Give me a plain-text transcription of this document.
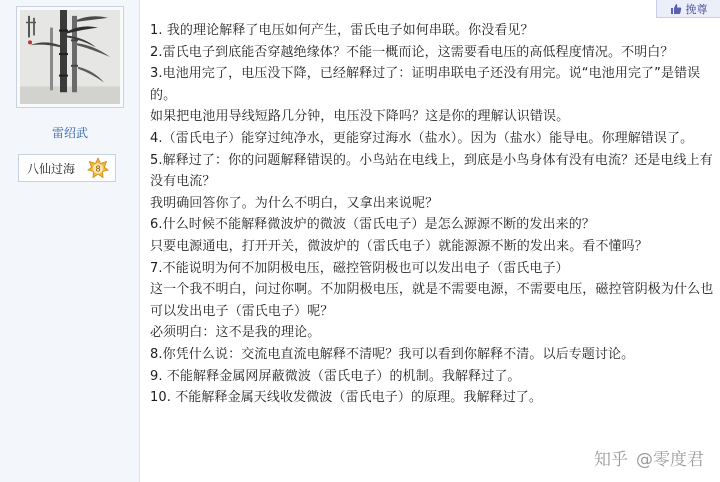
雷绍武
八仙过海	8
挽尊

1. 我的理论解释了电压如何产生，雷氏电子如何串联。你没看见？

2.雷氏电子到底能否穿越绝缘体？不能一概而论，这需要看电压的高低程度情况。不明白？

3.电池用完了，电压没下降，已经解释过了：证明串联电子还没有用完。说“电池用完了”是错误的。

如果把电池用导线短路几分钟，电压没下降吗？这是你的理解认识错误。

4.（雷氏电子）能穿过纯净水，更能穿过海水（盐水）。因为（盐水）能导电。你理解错误了。

5.解释过了：你的问题解释错误的。小鸟站在电线上，到底是小鸟身体有没有电流？还是电线上有没有电流？

我明确回答你了。为什么不明白，又拿出来说呢？

6.什么时候不能解释微波炉的微波（雷氏电子）是怎么源源不断的发出来的？

只要电源通电，打开开关，微波炉的（雷氏电子）就能源源不断的发出来。看不懂吗？

7.不能说明为何不加阴极电压，磁控管阴极也可以发出电子（雷氏电子）

这一个我不明白，问过你啊。不加阴极电压，就是不需要电源，不需要电压，磁控管阴极为什么也可以发出电子（雷氏电子）呢？

必须明白：这不是我的理论。

8.你凭什么说：交流电直流电解释不清呢？我可以看到你解释不清。以后专题讨论。

9. 不能解释金属网屏蔽微波（雷氏电子）的机制。我解释过了。

10. 不能解释金属天线收发微波（雷氏电子）的原理。我解释过了。

知乎 @零度君
